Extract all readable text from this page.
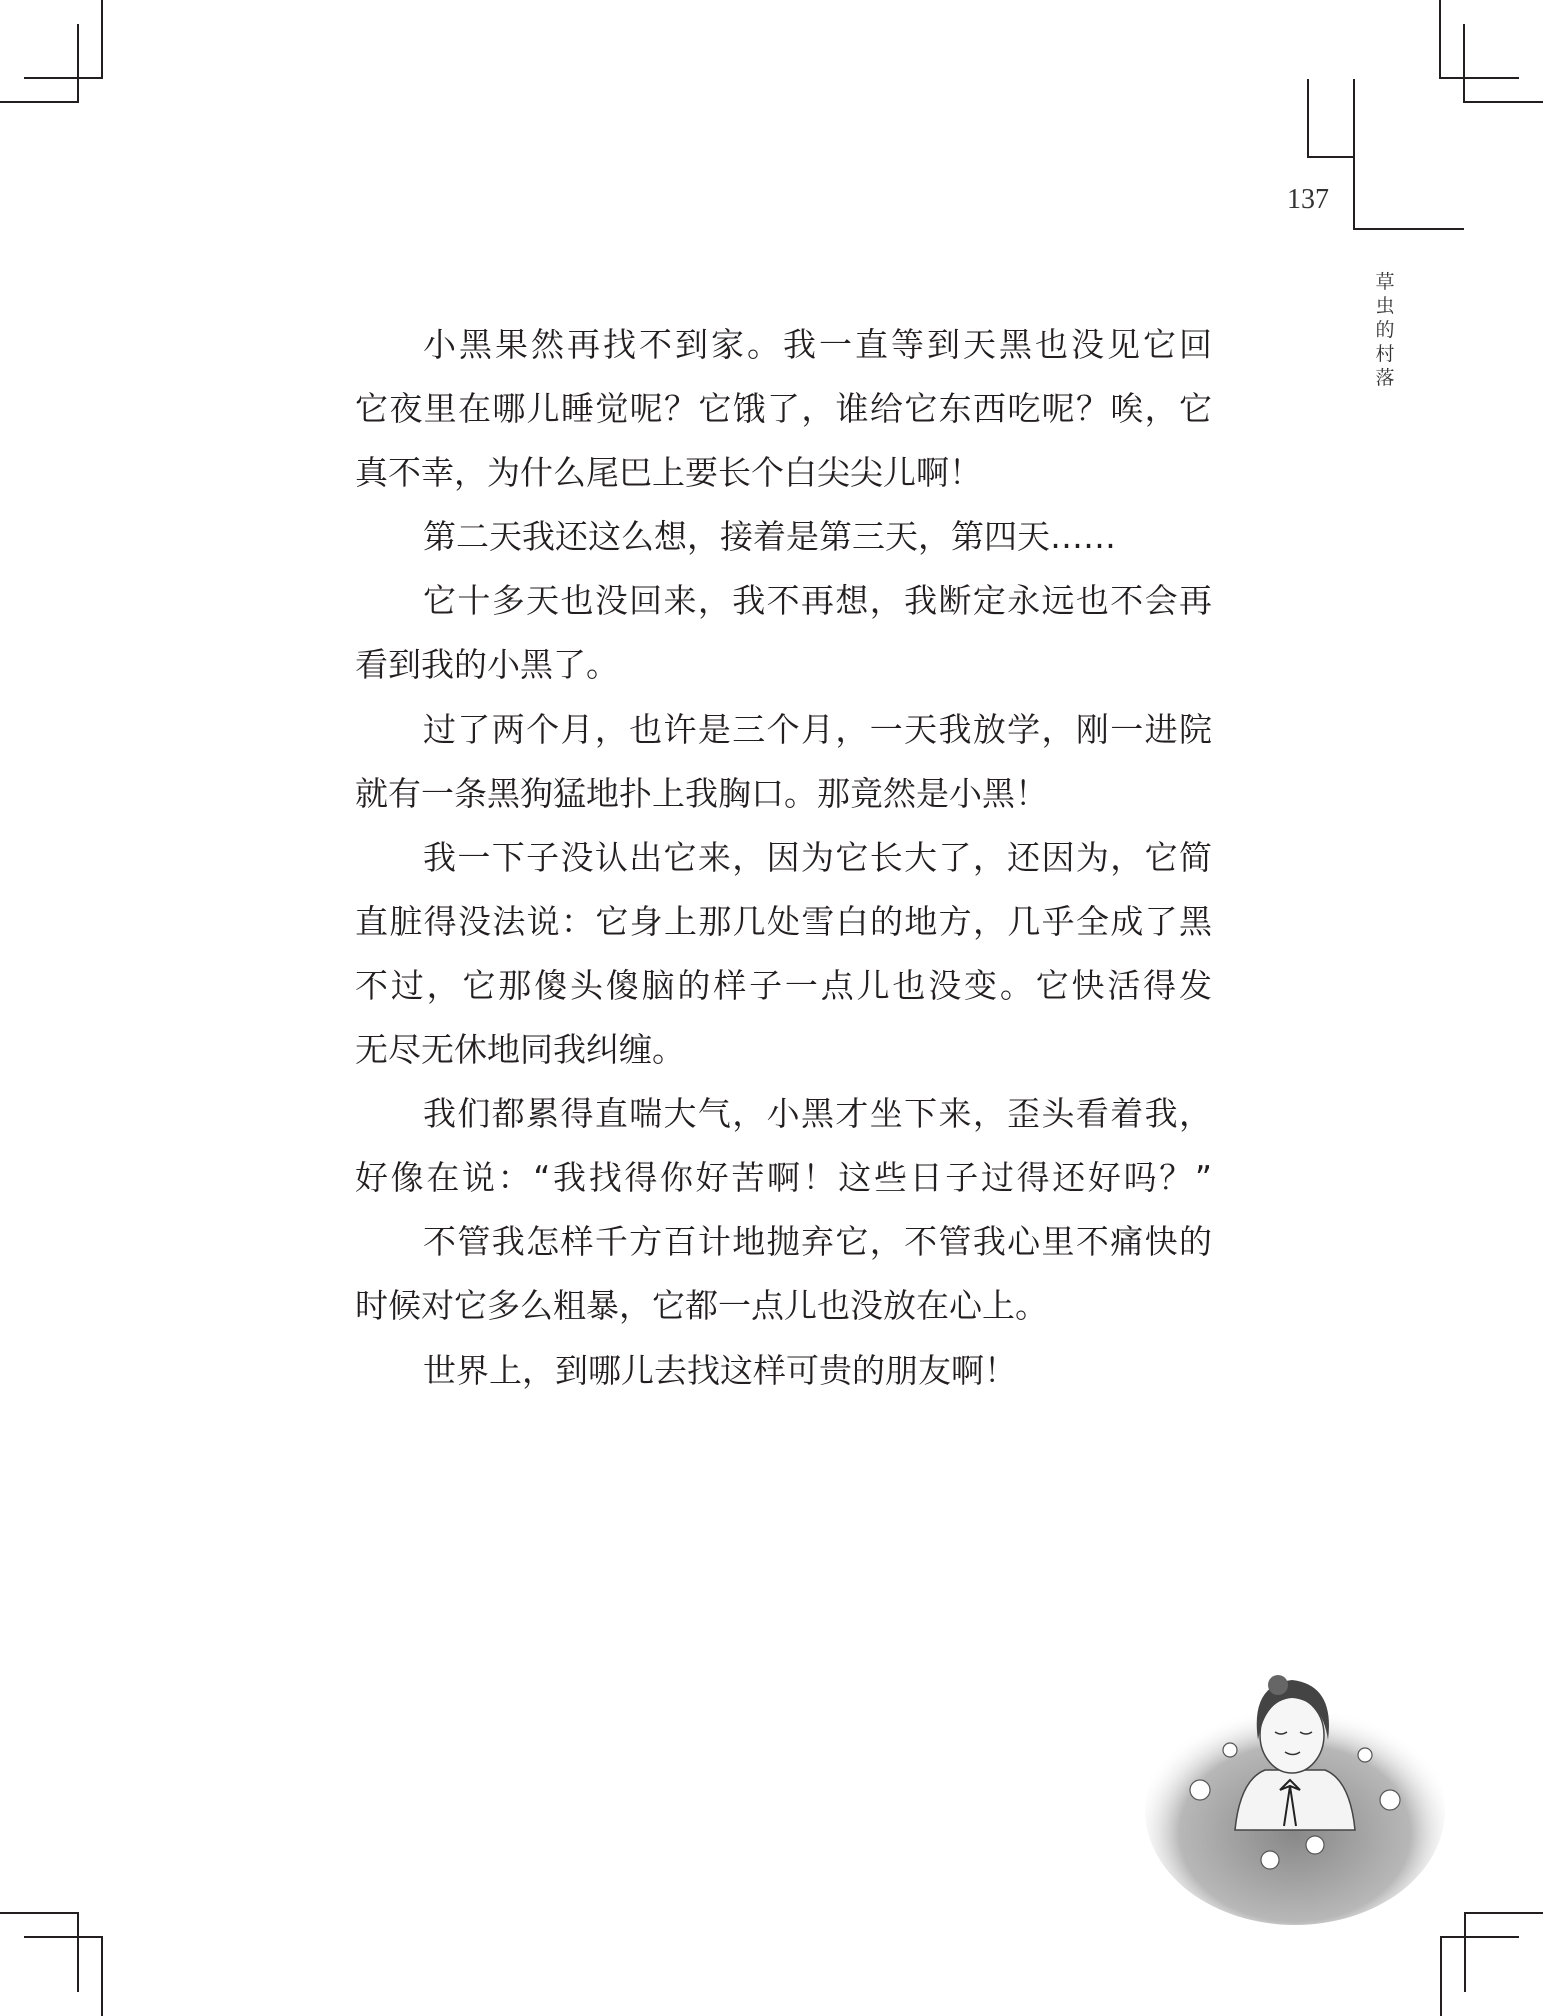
137
草
虫
的
村
落
小黑果然再找不到家。我一直等到天黑也没见它回
它夜里在哪儿睡觉呢？它饿了，谁给它东西吃呢？唉，它
真不幸，为什么尾巴上要长个白尖尖儿啊！
第二天我还这么想，接着是第三天，第四天……
它十多天也没回来，我不再想，我断定永远也不会再
看到我的小黑了。
过了两个月，也许是三个月，一天我放学，刚一进院
就有一条黑狗猛地扑上我胸口。那竟然是小黑！
我一下子没认出它来，因为它长大了，还因为，它简
直脏得没法说：它身上那几处雪白的地方，几乎全成了黑
不过，它那傻头傻脑的样子一点儿也没变。它快活得发
无尽无休地同我纠缠。
我们都累得直喘大气，小黑才坐下来，歪头看着我，
好像在说：“我找得你好苦啊！这些日子过得还好吗？”
不管我怎样千方百计地抛弃它，不管我心里不痛快的
时候对它多么粗暴，它都一点儿也没放在心上。
世界上，到哪儿去找这样可贵的朋友啊！
